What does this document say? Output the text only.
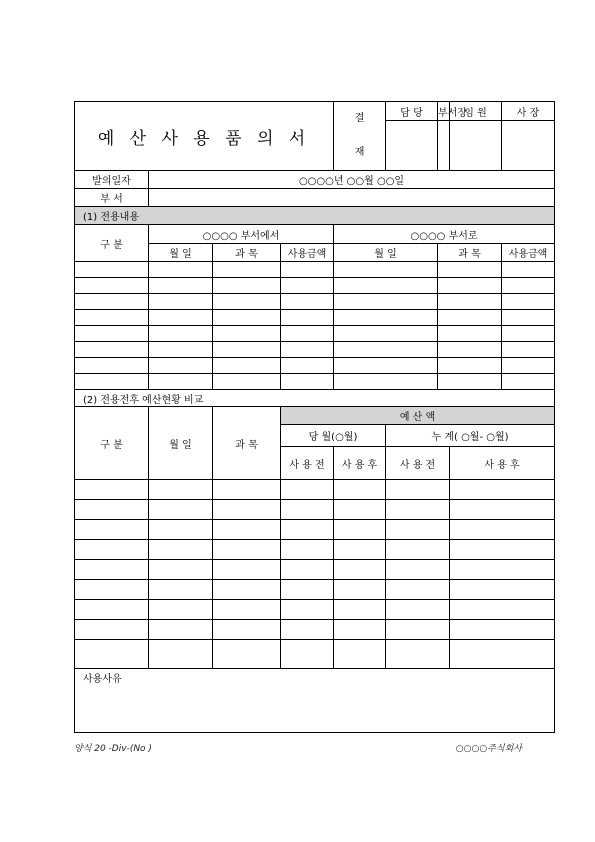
예 산 사 용 품 의 서				결
재	담 당	부서장	임 원	사 장

발의일자	○○○○년 ○○월 ○○일							
부 서								
(1) 전용내용								
구 분	○○○○ 부서에서			○○○○ 부서로				
	월 일	과 목	사용금액	월 일		과 목		사용금액

(2) 전용전후 예산현황 비교								
구 분	월 일	과 목	예 산 액					
			당 월(○월)		누 계( ○월- ○월)			
			사 용 전	사 용 후	사 용 전		사 용 후	

사용사유								
양식 20 -Div-(No )	○○○○주식회사
